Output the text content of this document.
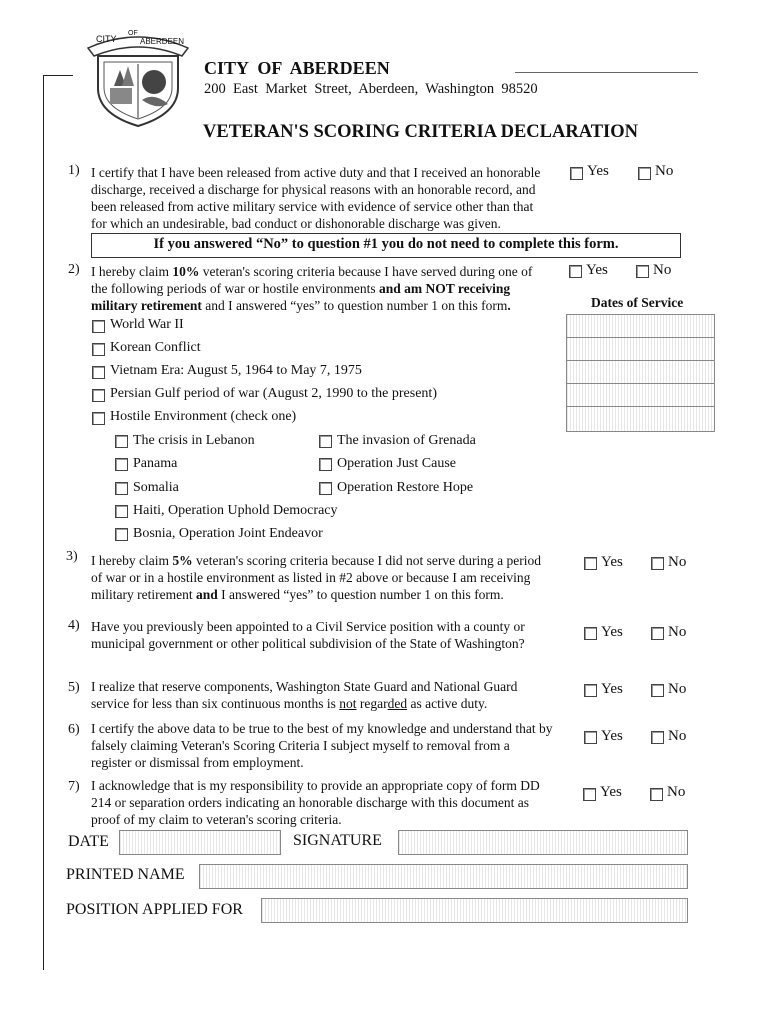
CITY
OF
ABERDEEN
CITY  OF  ABERDEEN
200  East  Market  Street,  Aberdeen,  Washington  98520
VETERAN'S SCORING CRITERIA DECLARATION
1) I certify that I have been released from active duty and that I received an honorable
discharge, received a discharge for physical reasons with an honorable record, and
been released from active military service with evidence of service other than that
for which an undesirable, bad conduct or dishonorable discharge was given.
Yes	No
If you answered “No” to question #1 you do not need to complete this form.
2) I hereby claim 10% veteran's scoring criteria because I have served during one of
the following periods of war or hostile environments and am NOT receiving
military retirement and I answered “yes” to question number 1 on this form.
Yes	No
Dates of Service
World War II
Korean Conflict
Vietnam Era: August 5, 1964 to May 7, 1975
Persian Gulf period of war (August 2, 1990 to the present)
Hostile Environment (check one)
The crisis in Lebanon	The invasion of Grenada
Panama	Operation Just Cause
Somalia	Operation Restore Hope
Haiti, Operation Uphold Democracy
Bosnia, Operation Joint Endeavor
3) I hereby claim 5% veteran's scoring criteria because I did not serve during a period
of war or in a hostile environment as listed in #2 above or because I am receiving
military retirement and I answered “yes” to question number 1 on this form.
Yes	No
4) Have you previously been appointed to a Civil Service position with a county or
municipal government or other political subdivision of the State of Washington?
Yes	No
5) I realize that reserve components, Washington State Guard and National Guard
service for less than six continuous months is not regarded as active duty.
Yes	No
6) I certify the above data to be true to the best of my knowledge and understand that by
falsely claiming Veteran's Scoring Criteria I subject myself to removal from a
register or dismissal from employment.
Yes	No
7) I acknowledge that is my responsibility to provide an appropriate copy of form DD
214 or separation orders indicating an honorable discharge with this document as
proof of my claim to veteran's scoring criteria.
Yes	No
DATE	SIGNATURE
PRINTED NAME
POSITION APPLIED FOR
